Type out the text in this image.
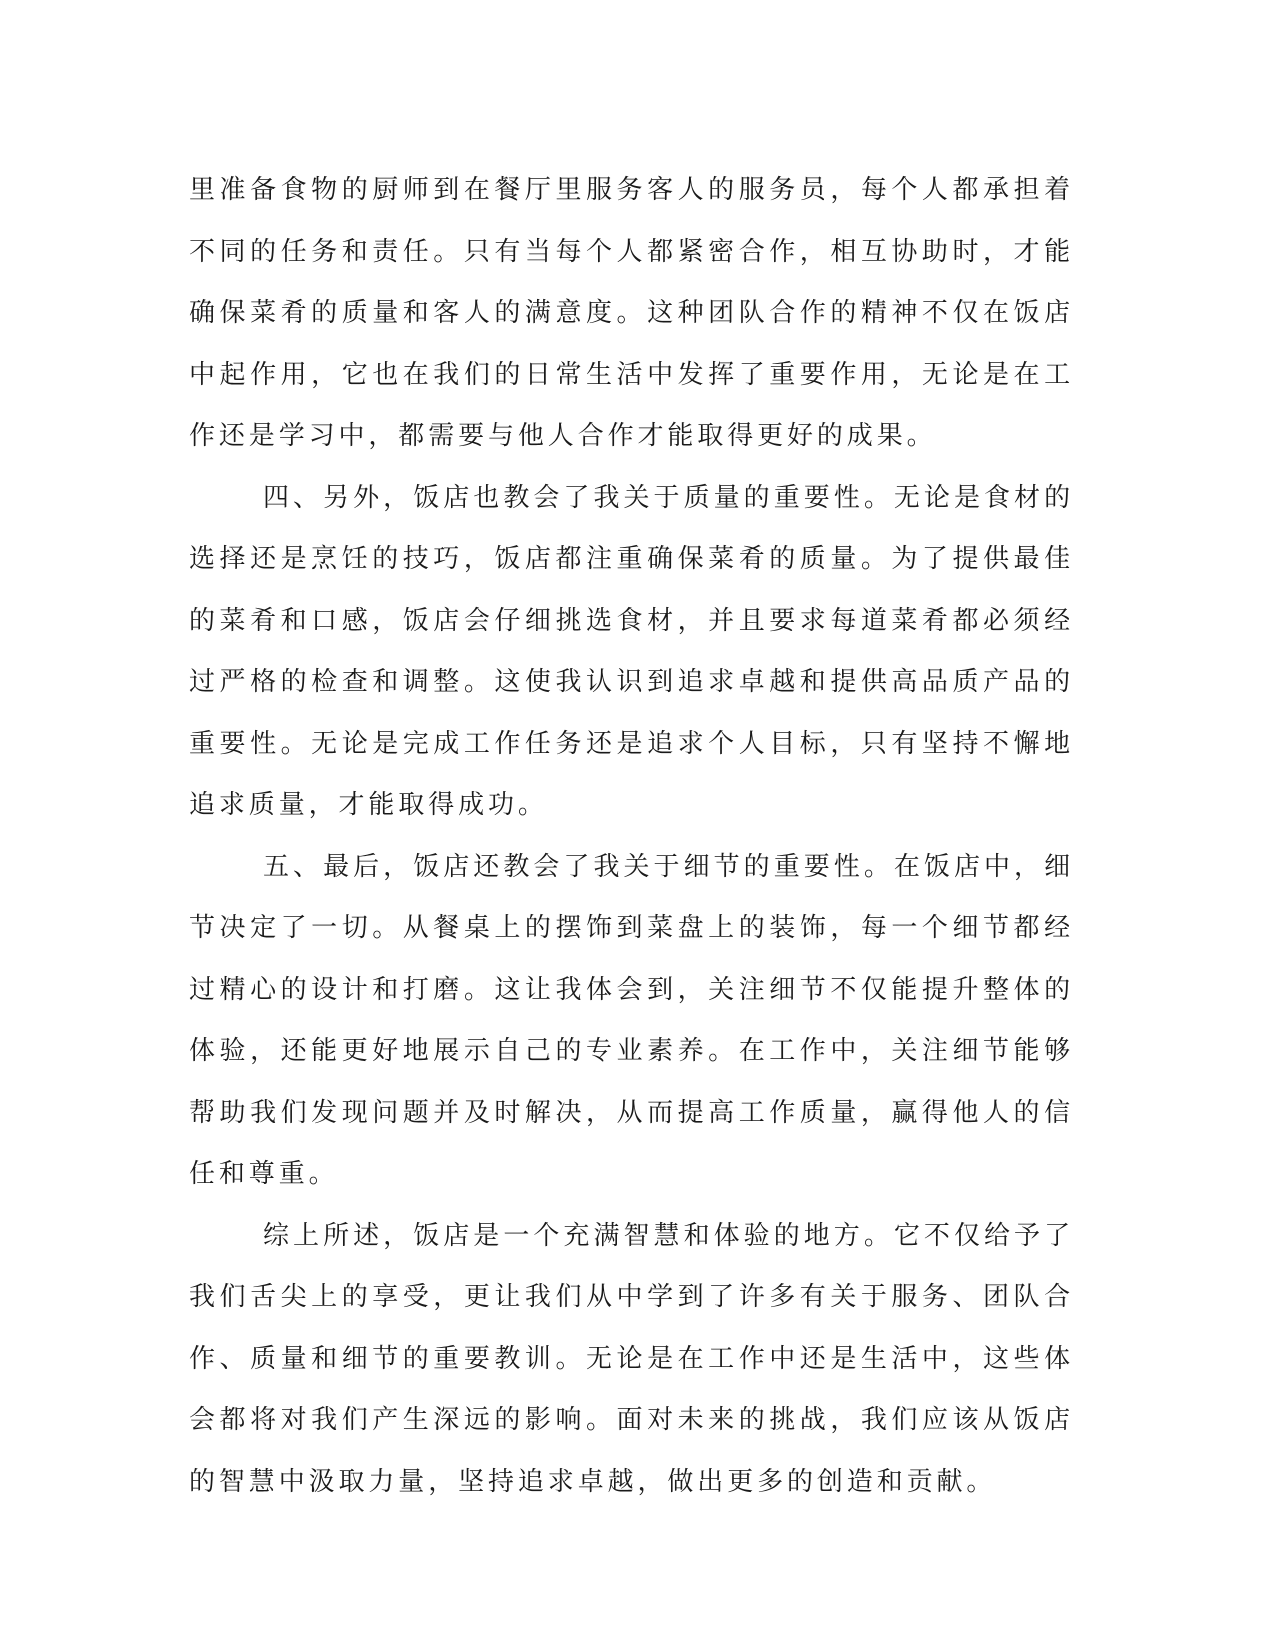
里准备食物的厨师到在餐厅里服务客人的服务员，每个人都承担着不同的任务和责任。只有当每个人都紧密合作，相互协助时，才能确保菜肴的质量和客人的满意度。这种团队合作的精神不仅在饭店中起作用，它也在我们的日常生活中发挥了重要作用，无论是在工作还是学习中，都需要与他人合作才能取得更好的成果。

四、另外，饭店也教会了我关于质量的重要性。无论是食材的选择还是烹饪的技巧，饭店都注重确保菜肴的质量。为了提供最佳的菜肴和口感，饭店会仔细挑选食材，并且要求每道菜肴都必须经过严格的检查和调整。这使我认识到追求卓越和提供高品质产品的重要性。无论是完成工作任务还是追求个人目标，只有坚持不懈地追求质量，才能取得成功。

五、最后，饭店还教会了我关于细节的重要性。在饭店中，细节决定了一切。从餐桌上的摆饰到菜盘上的装饰，每一个细节都经过精心的设计和打磨。这让我体会到，关注细节不仅能提升整体的体验，还能更好地展示自己的专业素养。在工作中，关注细节能够帮助我们发现问题并及时解决，从而提高工作质量，赢得他人的信任和尊重。

综上所述，饭店是一个充满智慧和体验的地方。它不仅给予了我们舌尖上的享受，更让我们从中学到了许多有关于服务、团队合作、质量和细节的重要教训。无论是在工作中还是生活中，这些体会都将对我们产生深远的影响。面对未来的挑战，我们应该从饭店的智慧中汲取力量，坚持追求卓越，做出更多的创造和贡献。
